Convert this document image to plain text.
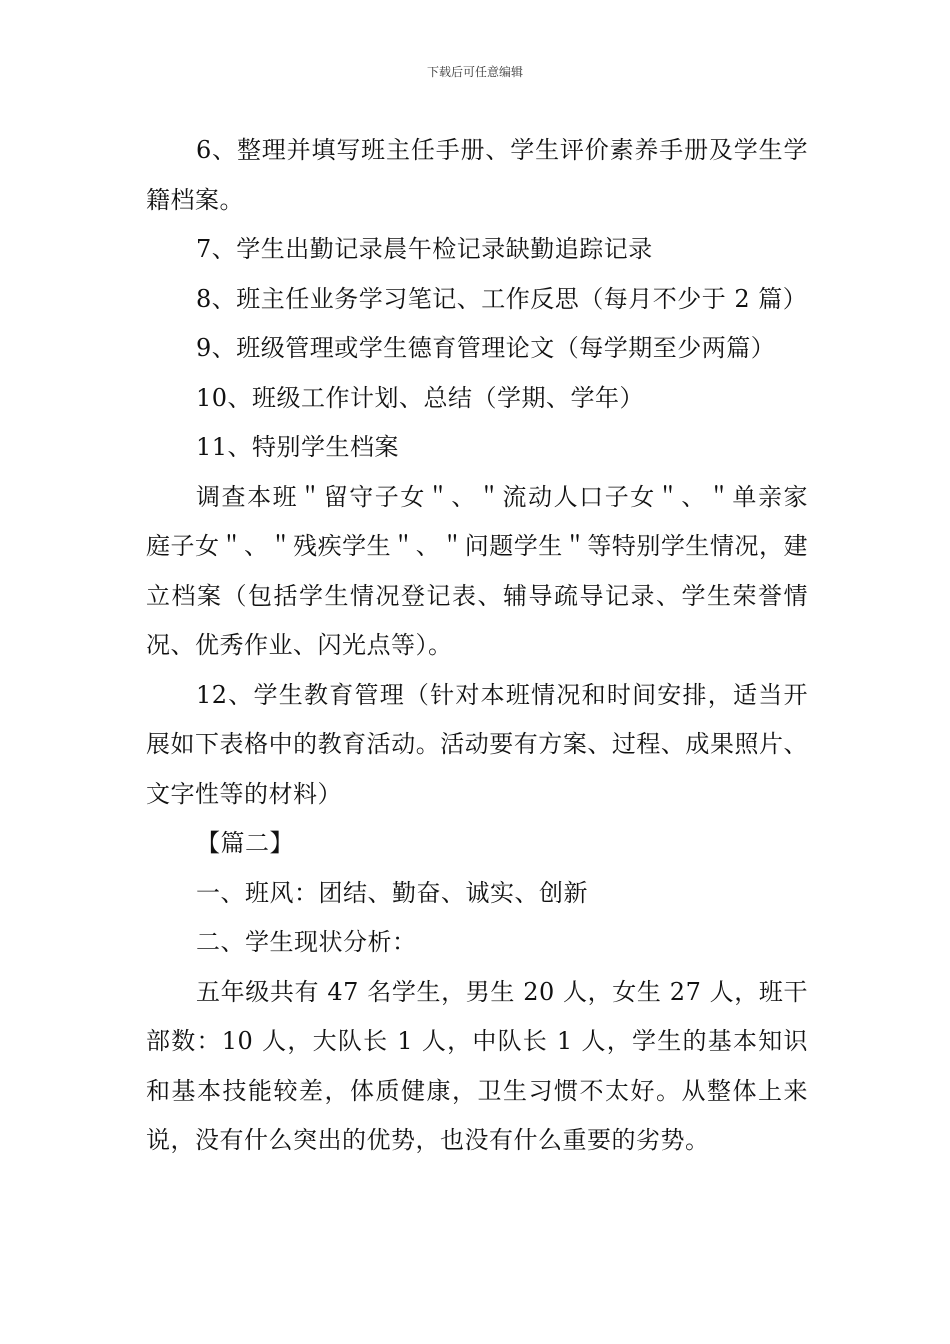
下载后可任意编辑

6、整理并填写班主任手册、学生评价素养手册及学生学籍档案。

7、学生出勤记录晨午检记录缺勤追踪记录

8、班主任业务学习笔记、工作反思（每月不少于 2 篇）

9、班级管理或学生德育管理论文（每学期至少两篇）

10、班级工作计划、总结（学期、学年）

11、特别学生档案

调查本班＂留守子女＂、＂流动人口子女＂、＂单亲家庭子女＂、＂残疾学生＂、＂问题学生＂等特别学生情况，建立档案（包括学生情况登记表、辅导疏导记录、学生荣誉情况、优秀作业、闪光点等）。

12、学生教育管理（针对本班情况和时间安排，适当开展如下表格中的教育活动。活动要有方案、过程、成果照片、文字性等的材料）

【篇二】

一、班风：团结、勤奋、诚实、创新

二、学生现状分析：

五年级共有 47 名学生，男生 20 人，女生 27 人，班干部数：10 人，大队长 1 人，中队长 1 人，学生的基本知识和基本技能较差，体质健康，卫生习惯不太好。从整体上来说，没有什么突出的优势，也没有什么重要的劣势。
